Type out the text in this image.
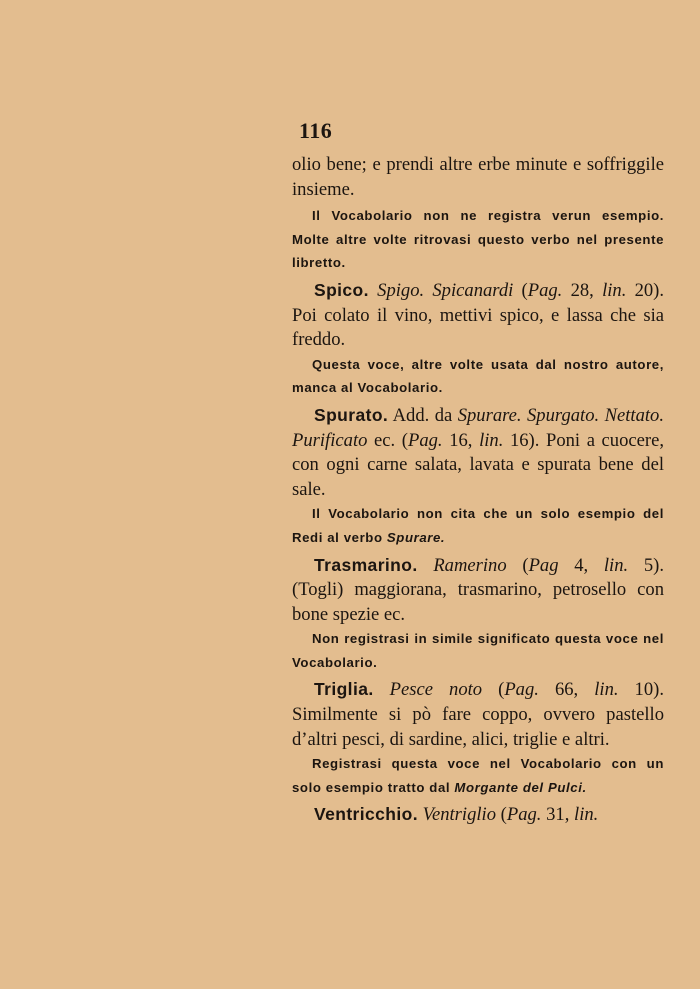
116

olio bene; e prendi altre erbe minute e soffriggile insieme.

Il Vocabolario non ne registra verun esempio. Molte altre volte ritrovasi questo verbo nel presente libretto.

Spico. Spigo. Spicanardi (Pag. 28, lin. 20). Poi colato il vino, mettivi spico, e lassa che sia freddo.

Questa voce, altre volte usata dal nostro autore, manca al Vocabolario.

Spurato. Add. da Spurare. Spurgato. Nettato. Purificato ec. (Pag. 16, lin. 16). Poni a cuocere, con ogni carne salata, lavata e spurata bene del sale.

Il Vocabolario non cita che un solo esempio del Redi al verbo Spurare.

Trasmarino. Ramerino (Pag 4, lin. 5). (Togli) maggiorana, trasmarino, petrosello con bone spezie ec.

Non registrasi in simile significato questa voce nel Vocabolario.

Triglia. Pesce noto (Pag. 66, lin. 10). Similmente si pò fare coppo, ovvero pastello d’altri pesci, di sardine, alici, triglie e altri.

Registrasi questa voce nel Vocabolario con un solo esempio tratto dal Morgante del Pulci.

Ventricchio. Ventriglio (Pag. 31, lin.
